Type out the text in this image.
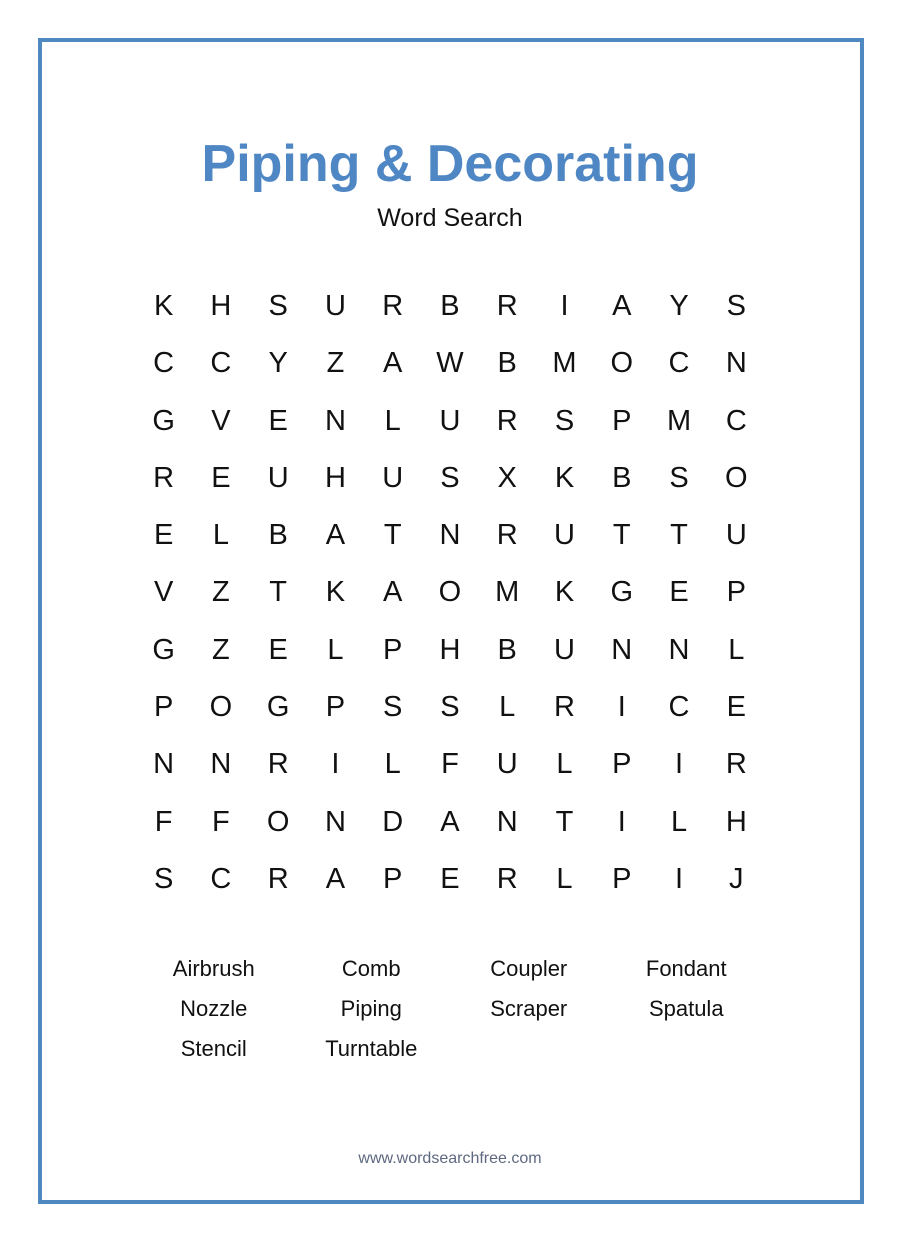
Piping & Decorating
Word Search
K	H	S	U	R	B	R	I	A	Y	S
C	C	Y	Z	A	W	B	M	O	C	N
G	V	E	N	L	U	R	S	P	M	C
R	E	U	H	U	S	X	K	B	S	O
E	L	B	A	T	N	R	U	T	T	U
V	Z	T	K	A	O	M	K	G	E	P
G	Z	E	L	P	H	B	U	N	N	L
P	O	G	P	S	S	L	R	I	C	E
N	N	R	I	L	F	U	L	P	I	R
F	F	O	N	D	A	N	T	I	L	H
S	C	R	A	P	E	R	L	P	I	J
Airbrush	Comb	Coupler	Fondant
Nozzle	Piping	Scraper	Spatula
Stencil	Turntable
www.wordsearchfree.com
